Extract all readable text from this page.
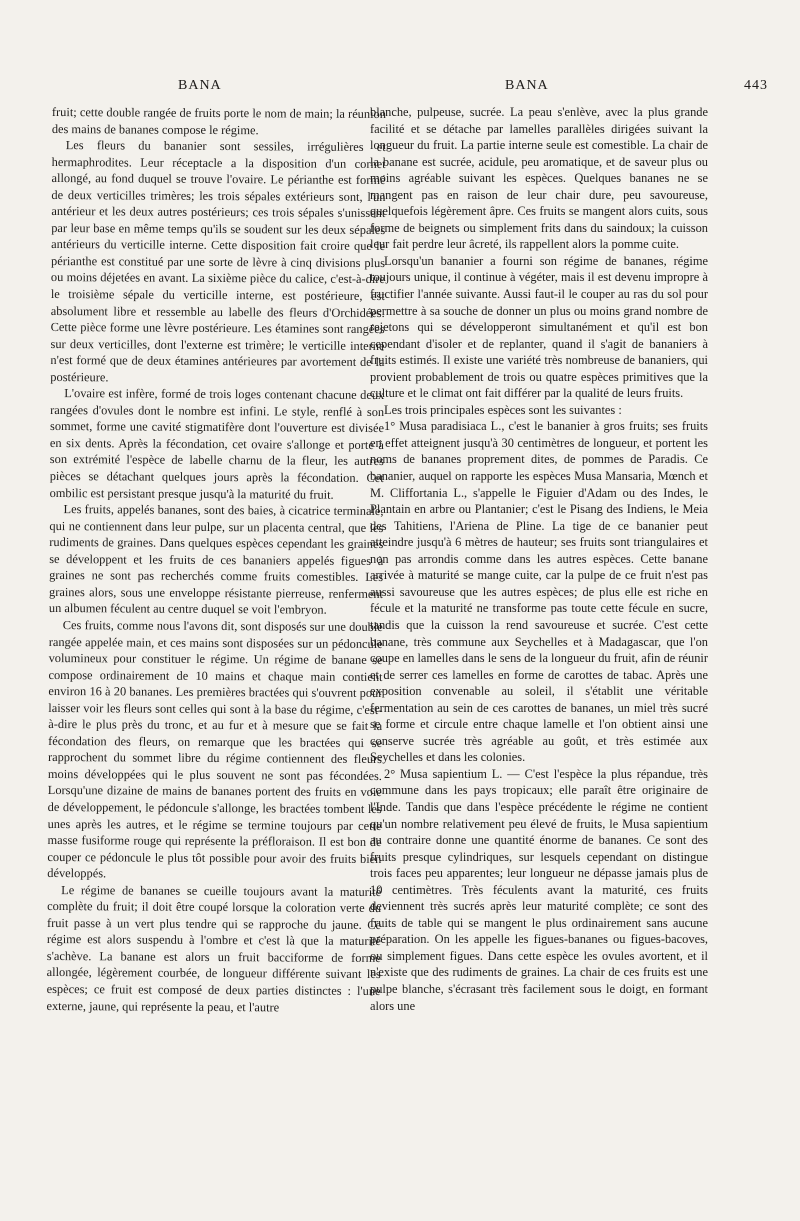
BANA	BANA	443

fruit; cette double rangée de fruits porte le nom de main; la réunion des mains de bananes compose le régime.

Les fleurs du bananier sont sessiles, irrégulières et hermaphrodites. Leur réceptacle a la disposition d'un cornet allongé, au fond duquel se trouve l'ovaire. Le périanthe est formé de deux verticilles trimères; les trois sépales extérieurs sont, l'un antérieur et les deux autres postérieurs; ces trois sépales s'unissent par leur base en même temps qu'ils se soudent sur les deux sépales antérieurs du verticille interne. Cette disposition fait croire que le périanthe est constitué par une sorte de lèvre à cinq divisions plus ou moins déjetées en avant. La sixième pièce du calice, c'est-à-dire le troisième sépale du verticille interne, est postérieure, est absolument libre et ressemble au labelle des fleurs d'Orchidées. Cette pièce forme une lèvre postérieure. Les étamines sont rangées sur deux verticilles, dont l'externe est trimère; le verticille interne n'est formé que de deux étamines antérieures par avortement de la postérieure.

L'ovaire est infère, formé de trois loges contenant chacune deux rangées d'ovules dont le nombre est infini. Le style, renflé à son sommet, forme une cavité stigmatifère dont l'ouverture est divisée en six dents. Après la fécondation, cet ovaire s'allonge et porte à son extrémité l'espèce de labelle charnu de la fleur, les autres pièces se détachant quelques jours après la fécondation. Cet ombilic est persistant presque jusqu'à la maturité du fruit.

Les fruits, appelés bananes, sont des baies, à cicatrice terminale, qui ne contiennent dans leur pulpe, sur un placenta central, que les rudiments de graines. Dans quelques espèces cependant les graines se développent et les fruits de ces bananiers appelés figues à graines ne sont pas recherchés comme fruits comestibles. Les graines alors, sous une enveloppe résistante pierreuse, renferment un albumen féculent au centre duquel se voit l'embryon.

Ces fruits, comme nous l'avons dit, sont disposés sur une double rangée appelée main, et ces mains sont disposées sur un pédoncule volumineux pour constituer le régime. Un régime de banane se compose ordinairement de 10 mains et chaque main contient environ 16 à 20 bananes. Les premières bractées qui s'ouvrent pour laisser voir les fleurs sont celles qui sont à la base du régime, c'est-à-dire le plus près du tronc, et au fur et à mesure que se fait la fécondation des fleurs, on remarque que les bractées qui se rapprochent du sommet libre du régime contiennent des fleurs moins développées qui le plus souvent ne sont pas fécondées. Lorsqu'une dizaine de mains de bananes portent des fruits en voie de développement, le pédoncule s'allonge, les bractées tombent les unes après les autres, et le régime se termine toujours par cette masse fusiforme rouge qui représente la préfloraison. Il est bon de couper ce pédoncule le plus tôt possible pour avoir des fruits bien développés.

Le régime de bananes se cueille toujours avant la maturité complète du fruit; il doit être coupé lorsque la coloration verte du fruit passe à un vert plus tendre qui se rapproche du jaune. Ce régime est alors suspendu à l'ombre et c'est là que la maturité s'achève. La banane est alors un fruit bacciforme de forme allongée, légèrement courbée, de longueur différente suivant les espèces; ce fruit est composé de deux parties distinctes : l'une externe, jaune, qui représente la peau, et l'autre

blanche, pulpeuse, sucrée. La peau s'enlève, avec la plus grande facilité et se détache par lamelles parallèles dirigées suivant la longueur du fruit. La partie interne seule est comestible. La chair de la banane est sucrée, acidule, peu aromatique, et de saveur plus ou moins agréable suivant les espèces. Quelques bananes ne se mangent pas en raison de leur chair dure, peu savoureuse, quelquefois légèrement âpre. Ces fruits se mangent alors cuits, sous forme de beignets ou simplement frits dans du saindoux; la cuisson leur fait perdre leur âcreté, ils rappellent alors la pomme cuite.

Lorsqu'un bananier a fourni son régime de bananes, régime toujours unique, il continue à végéter, mais il est devenu impropre à fructifier l'année suivante. Aussi faut-il le couper au ras du sol pour permettre à sa souche de donner un plus ou moins grand nombre de rejetons qui se développeront simultanément et qu'il est bon cependant d'isoler et de replanter, quand il s'agit de bananiers à fruits estimés. Il existe une variété très nombreuse de bananiers, qui provient probablement de trois ou quatre espèces primitives que la culture et le climat ont fait différer par la qualité de leurs fruits.

Les trois principales espèces sont les suivantes :

1° Musa paradisiaca L., c'est le bananier à gros fruits; ses fruits en effet atteignent jusqu'à 30 centimètres de longueur, et portent les noms de bananes proprement dites, de pommes de Paradis. Ce bananier, auquel on rapporte les espèces Musa Mansaria, Mœnch et M. Cliffortania L., s'appelle le Figuier d'Adam ou des Indes, le Plantain en arbre ou Plantanier; c'est le Pisang des Indiens, le Meia des Tahitiens, l'Ariena de Pline. La tige de ce bananier peut atteindre jusqu'à 6 mètres de hauteur; ses fruits sont triangulaires et non pas arrondis comme dans les autres espèces. Cette banane arrivée à maturité se mange cuite, car la pulpe de ce fruit n'est pas aussi savoureuse que les autres espèces; de plus elle est riche en fécule et la maturité ne transforme pas toute cette fécule en sucre, tandis que la cuisson la rend savoureuse et sucrée. C'est cette banane, très commune aux Seychelles et à Madagascar, que l'on coupe en lamelles dans le sens de la longueur du fruit, afin de réunir et de serrer ces lamelles en forme de carottes de tabac. Après une exposition convenable au soleil, il s'établit une véritable fermentation au sein de ces carottes de bananes, un miel très sucré se forme et circule entre chaque lamelle et l'on obtient ainsi une conserve sucrée très agréable au goût, et très estimée aux Seychelles et dans les colonies.

2° Musa sapientium L. — C'est l'espèce la plus répandue, très commune dans les pays tropicaux; elle paraît être originaire de l'Inde. Tandis que dans l'espèce précédente le régime ne contient qu'un nombre relativement peu élevé de fruits, le Musa sapientium au contraire donne une quantité énorme de bananes. Ce sont des fruits presque cylindriques, sur lesquels cependant on distingue trois faces peu apparentes; leur longueur ne dépasse jamais plus de 10 centimètres. Très féculents avant la maturité, ces fruits deviennent très sucrés après leur maturité complète; ce sont des fruits de table qui se mangent le plus ordinairement sans aucune préparation. On les appelle les figues-bananes ou figues-bacoves, ou simplement figues. Dans cette espèce les ovules avortent, et il n'existe que des rudiments de graines. La chair de ces fruits est une pulpe blanche, s'écrasant très facilement sous le doigt, en formant alors une
